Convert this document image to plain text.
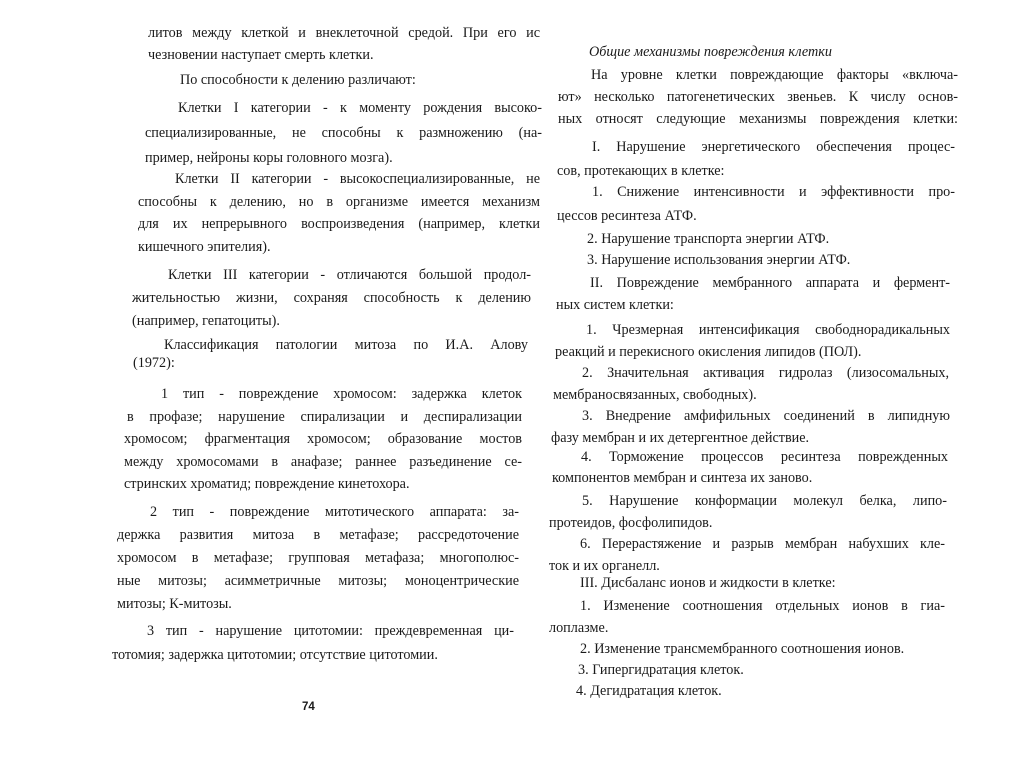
литов между клеткой и внеклеточной средой. При его ис
чезновении наступает смерть клетки.
По способности к делению различают:
Клетки I категории - к моменту рождения высоко-
специализированные, не способны к размножению (на-
пример, нейроны коры головного мозга).
Клетки II категории - высокоспециализированные, не
способны к делению, но в организме имеется механизм
для их непрерывного воспроизведения (например, клетки
кишечного эпителия).
Клетки III категории - отличаются большой продол-
жительностью жизни, сохраняя способность к делению
(например, гепатоциты).
Классификация патологии митоза по И.А. Алову
(1972):
1 тип - повреждение хромосом: задержка клеток
в профазе; нарушение спирализации и деспирализации
хромосом; фрагментация хромосом; образование мостов
между хромосомами в анафазе; раннее разъединение се-
стринских хроматид; повреждение кинетохора.
2 тип - повреждение митотического аппарата: за-
держка развития митоза в метафазе; рассредоточение
хромосом в метафазе; групповая метафаза; многополюс-
ные митозы; асимметричные митозы; моноцентрические
митозы; К-митозы.
3 тип - нарушение цитотомии: преждевременная ци-
тотомия; задержка цитотомии; отсутствие цитотомии.
74
Общие механизмы повреждения клетки
На уровне клетки повреждающие факторы «включа-
ют» несколько патогенетических звеньев. К числу основ-
ных относят следующие механизмы повреждения клетки:
I. Нарушение энергетического обеспечения процес-
сов, протекающих в клетке:
1. Снижение интенсивности и эффективности про-
цессов ресинтеза АТФ.
2. Нарушение транспорта энергии АТФ.
3. Нарушение использования энергии АТФ.
II. Повреждение мембранного аппарата и фермент-
ных систем клетки:
1. Чрезмерная интенсификация свободнорадикальных
реакций и перекисного окисления липидов (ПОЛ).
2. Значительная активация гидролаз (лизосомальных,
мембраносвязанных, свободных).
3. Внедрение амфифильных соединений в липидную
фазу мембран и их детергентное действие.
4. Торможение процессов ресинтеза поврежденных
компонентов мембран и синтеза их заново.
5. Нарушение конформации молекул белка, липо-
протеидов, фосфолипидов.
6. Перерастяжение и разрыв мембран набухших кле-
ток и их органелл.
III. Дисбаланс ионов и жидкости в клетке:
1. Изменение соотношения отдельных ионов в гиа-
лоплазме.
2. Изменение трансмембранного соотношения ионов.
3. Гипергидратация клеток.
4. Дегидратация клеток.
